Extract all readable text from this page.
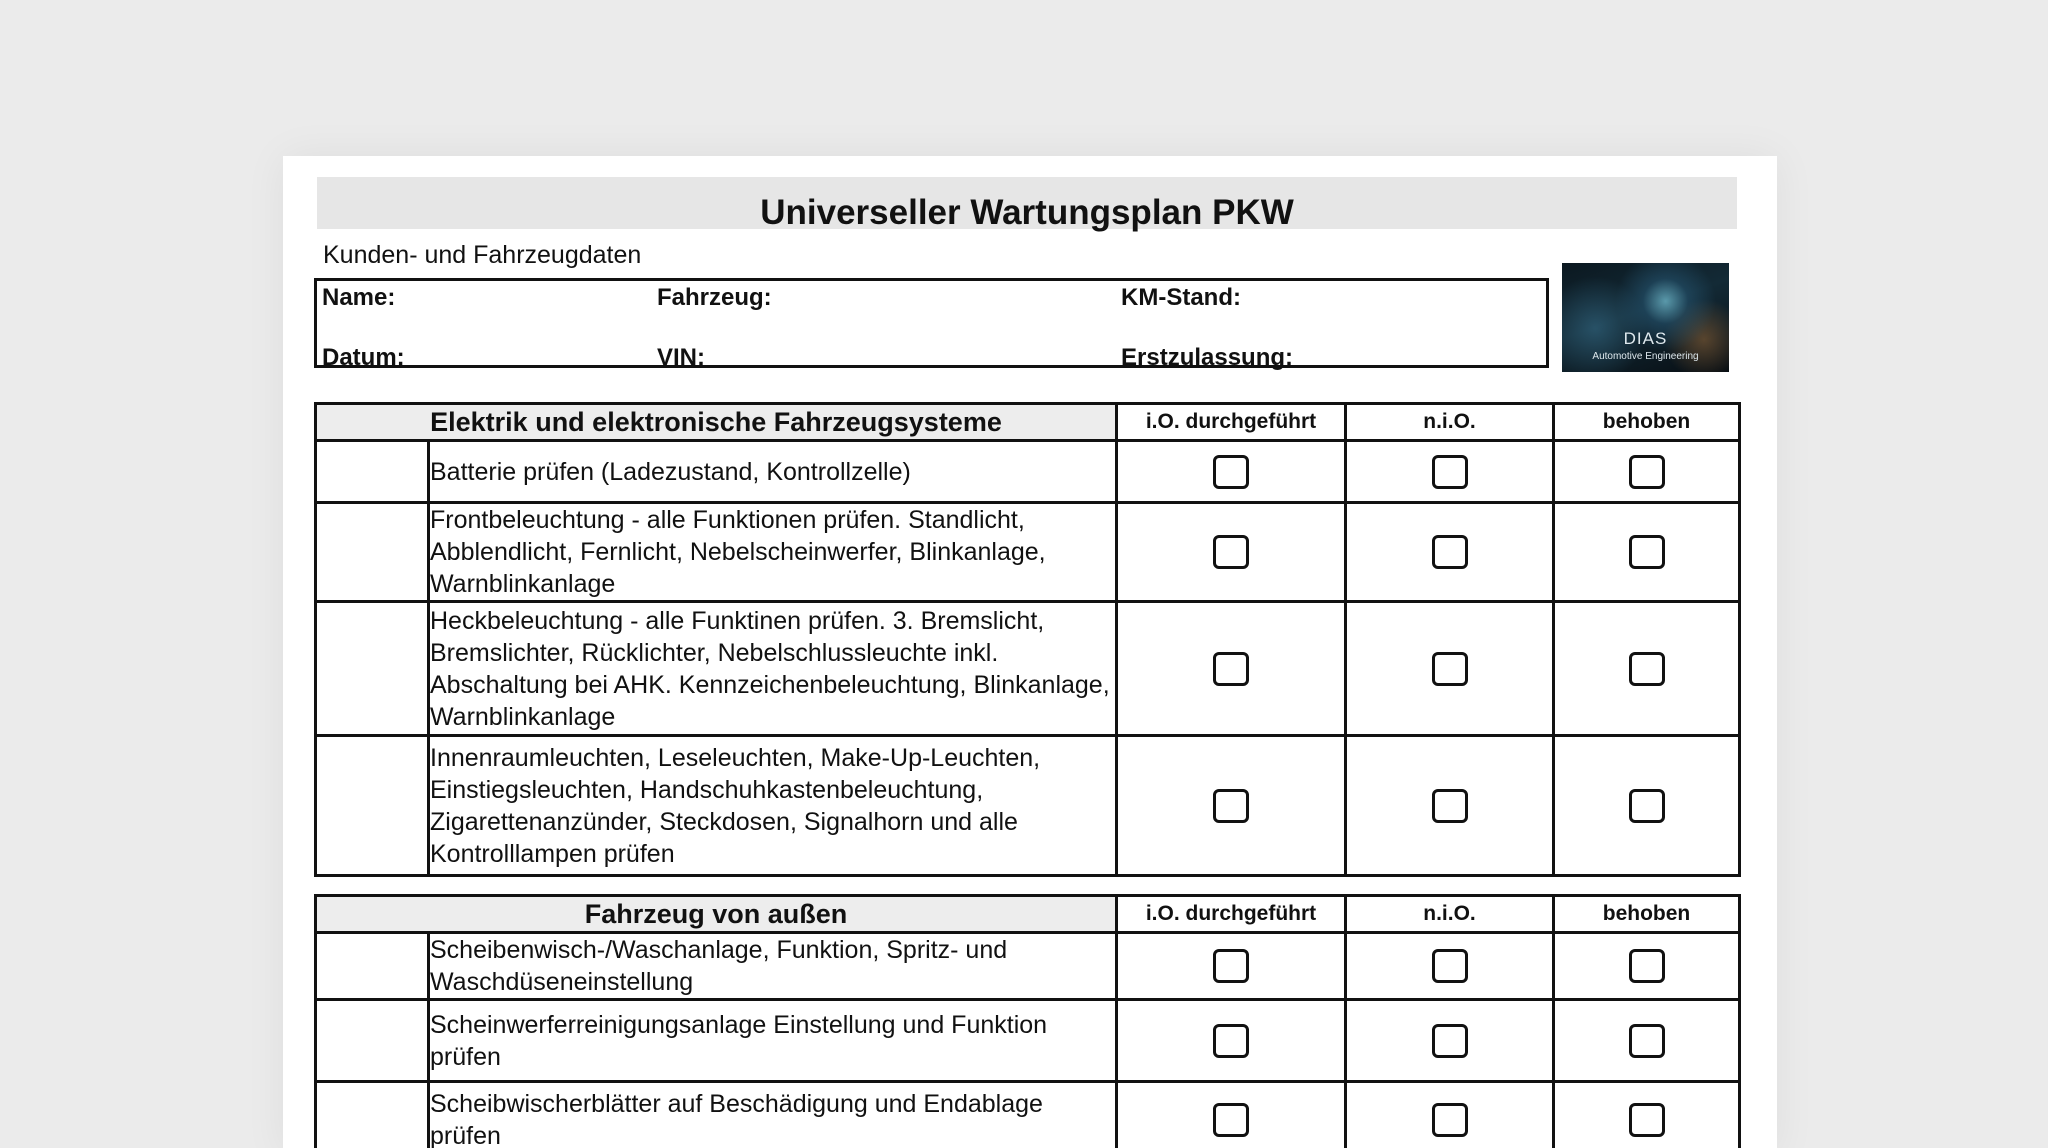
Universeller Wartungsplan PKW
Kunden- und Fahrzeugdaten
Name:	Fahrzeug:	KM-Stand:
Datum:	VIN:	Erstzulassung:
DIAS
Automotive Engineering
Elektrik und elektronische Fahrzeugsysteme		i.O. durchgeführt	n.i.O.	behoben
	Batterie prüfen (Ladezustand, Kontrollzelle)			
	Frontbeleuchtung - alle Funktionen prüfen. Standlicht, Abblendlicht, Fernlicht, Nebelscheinwerfer, Blinkanlage, Warnblinkanlage			
	Heckbeleuchtung - alle Funktinen prüfen. 3. Bremslicht, Bremslichter, Rücklichter, Nebelschlussleuchte inkl. Abschaltung bei AHK. Kennzeichenbeleuchtung, Blinkanlage, Warnblinkanlage			
	Innenraumleuchten, Leseleuchten, Make-Up-Leuchten, Einstiegsleuchten, Handschuhkastenbeleuchtung, Zigarettenanzünder, Steckdosen, Signalhorn und alle Kontrolllampen prüfen			
Fahrzeug von außen		i.O. durchgeführt	n.i.O.	behoben
	Scheibenwisch-/Waschanlage, Funktion, Spritz- und Waschdüseneinstellung			
	Scheinwerferreinigungsanlage Einstellung und Funktion prüfen			
	Scheibwischerblätter auf Beschädigung und Endablage prüfen			
